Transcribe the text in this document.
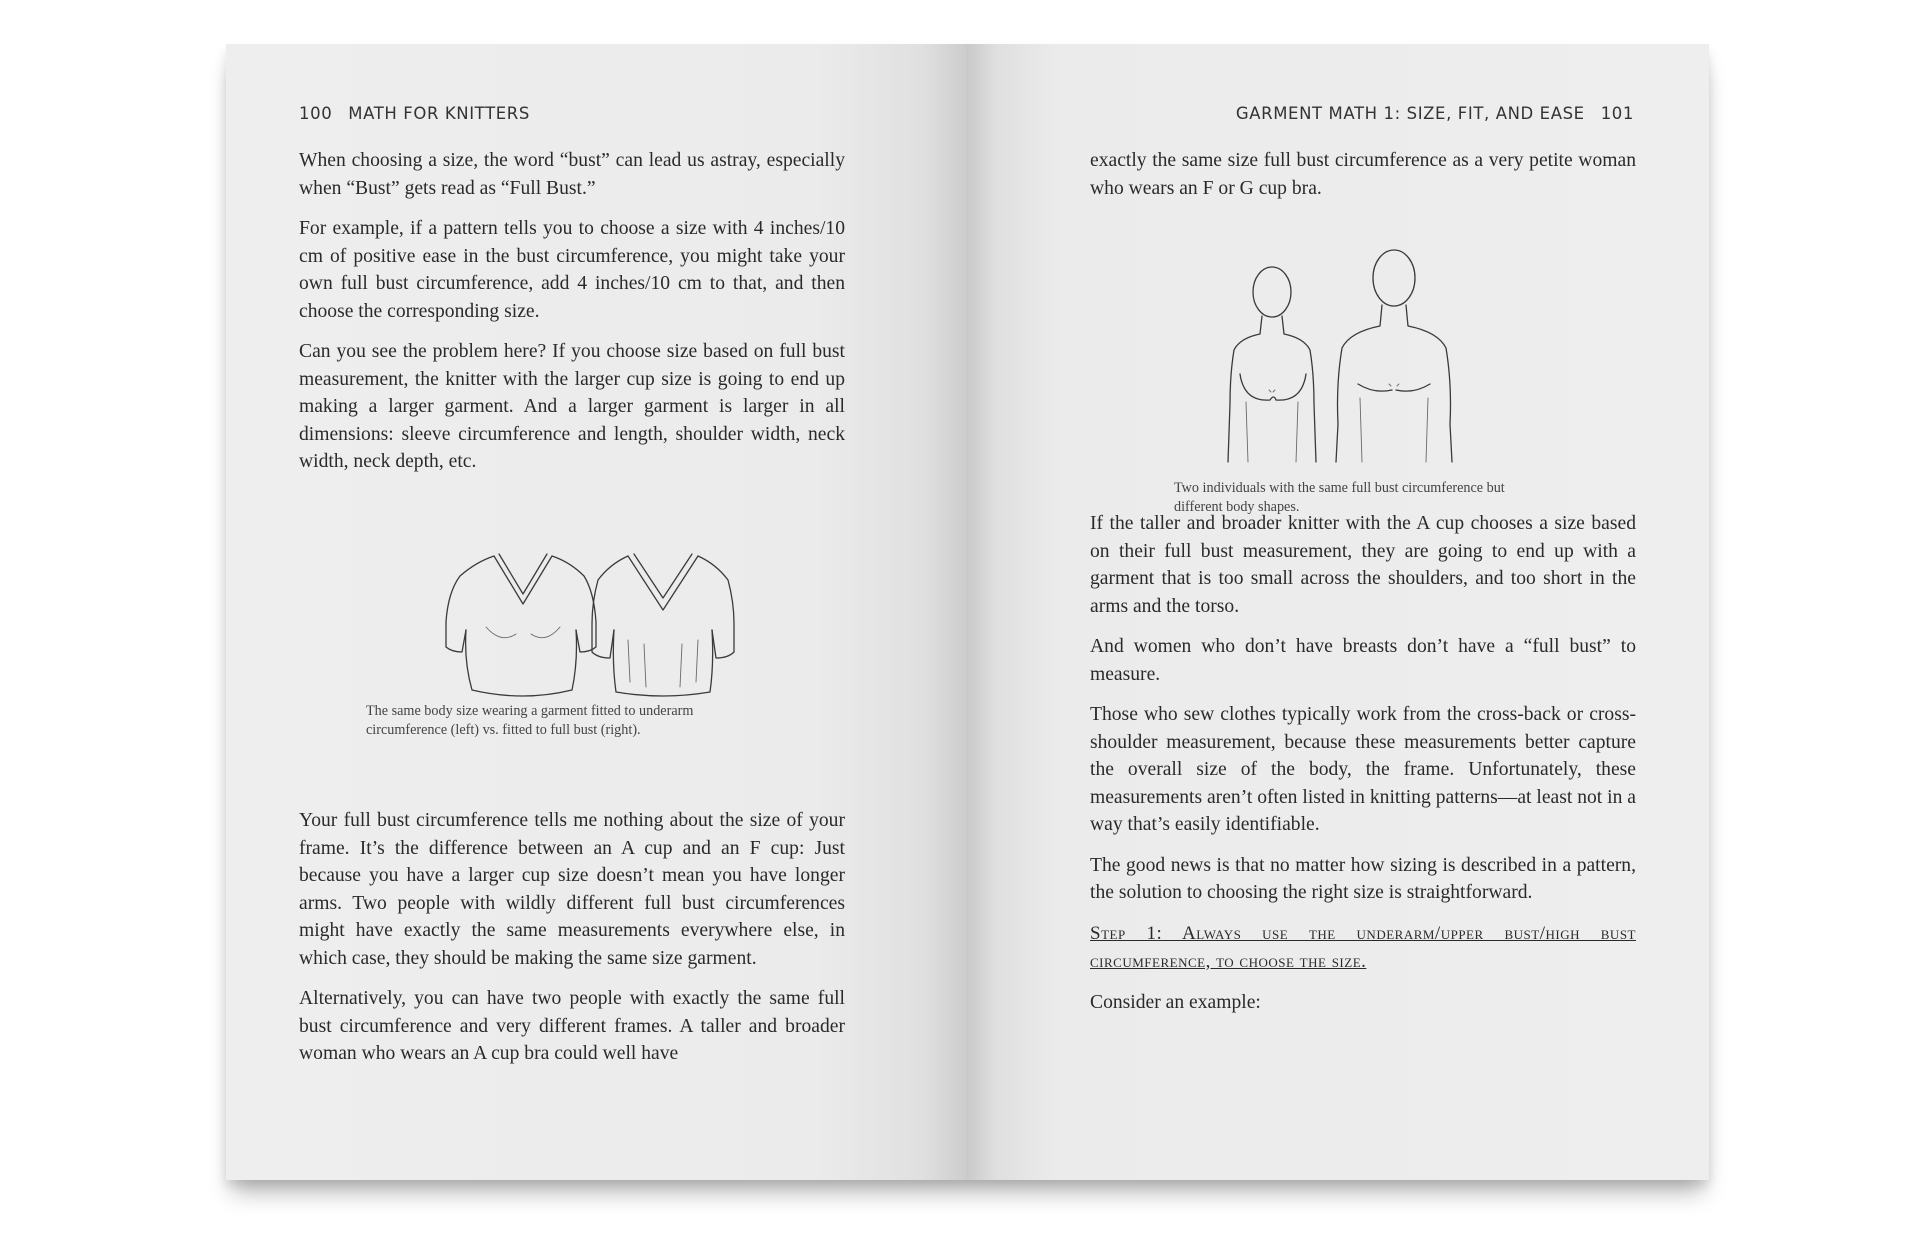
100 MATH FOR KNITTERS

When choosing a size, the word “bust” can lead us astray, especially when “Bust” gets read as “Full Bust.”

For example, if a pattern tells you to choose a size with 4 inches/10 cm of positive ease in the bust circumference, you might take your own full bust circumference, add 4 inches/10 cm to that, and then choose the corresponding size.

Can you see the problem here? If you choose size based on full bust measurement, the knitter with the larger cup size is going to end up making a larger garment. And a larger garment is larger in all dimensions: sleeve circumference and length, shoulder width, neck width, neck depth, etc.

The same body size wearing a garment fitted to underarm circumference (left) vs. fitted to full bust (right).

Your full bust circumference tells me nothing about the size of your frame. It’s the difference between an A cup and an F cup: Just because you have a larger cup size doesn’t mean you have longer arms. Two people with wildly different full bust circumferences might have exactly the same measurements everywhere else, in which case, they should be making the same size garment.

Alternatively, you can have two people with exactly the same full bust circumference and very different frames. A taller and broader woman who wears an A cup bra could well have

GARMENT MATH 1: SIZE, FIT, AND EASE 101

exactly the same size full bust circumference as a very petite woman who wears an F or G cup bra.

Two individuals with the same full bust circumference but different body shapes.

If the taller and broader knitter with the A cup chooses a size based on their full bust measurement, they are going to end up with a garment that is too small across the shoulders, and too short in the arms and the torso.

And women who don’t have breasts don’t have a “full bust” to measure.

Those who sew clothes typically work from the cross-back or cross-shoulder measurement, because these measurements better capture the overall size of the body, the frame. Unfortunately, these measurements aren’t often listed in knitting patterns—at least not in a way that’s easily identifiable.

The good news is that no matter how sizing is described in a pattern, the solution to choosing the right size is straightforward.

Step 1: Always use the underarm/upper bust/high bust circumference, to choose the size.

Consider an example:
